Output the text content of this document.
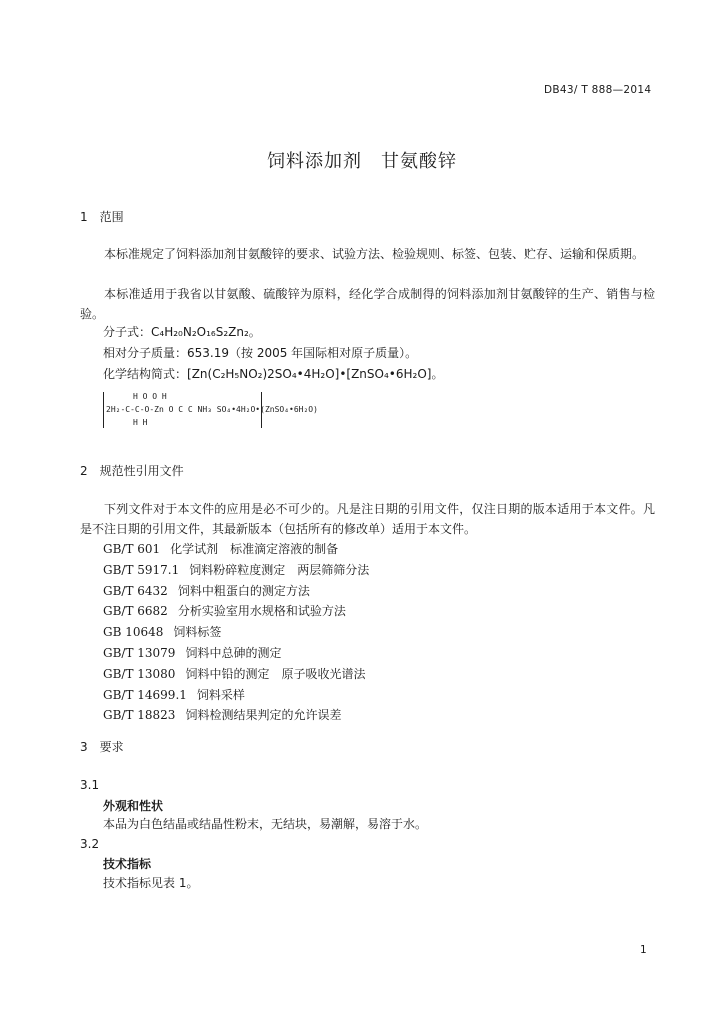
DB43/ T 888—2014
饲料添加剂　甘氨酸锌
1　范围
本标准规定了饲料添加剂甘氨酸锌的要求、试验方法、检验规则、标签、包装、贮存、运输和保质期。
本标准适用于我省以甘氨酸、硫酸锌为原料，经化学合成制得的饲料添加剂甘氨酸锌的生产、销售与检验。
分子式：C₄H₂₀N₂O₁₆S₂Zn₂。
相对分子质量：653.19（按 2005 年国际相对原子质量）。
化学结构简式：[Zn(C₂H₅NO₂)2SO₄•4H₂O]•[ZnSO₄•6H₂O]。
H O O H
2H₂-C-C-O-Zn O C C NH₃ SO₄•4H₂O•(ZnSO₄•6H₂O)
H H
2　规范性引用文件
下列文件对于本文件的应用是必不可少的。凡是注日期的引用文件，仅注日期的版本适用于本文件。凡是不注日期的引用文件，其最新版本（包括所有的修改单）适用于本文件。
GB/T 601 化学试剂　标准滴定溶液的制备
GB/T 5917.1 饲料粉碎粒度测定　两层筛筛分法
GB/T 6432 饲料中粗蛋白的测定方法
GB/T 6682 分析实验室用水规格和试验方法
GB 10648 饲料标签
GB/T 13079 饲料中总砷的测定
GB/T 13080 饲料中铅的测定　原子吸收光谱法
GB/T 14699.1 饲料采样
GB/T 18823 饲料检测结果判定的允许误差
3　要求
3.1
外观和性状
本品为白色结晶或结晶性粉末，无结块，易潮解，易溶于水。
3.2
技术指标
技术指标见表 1。
1
